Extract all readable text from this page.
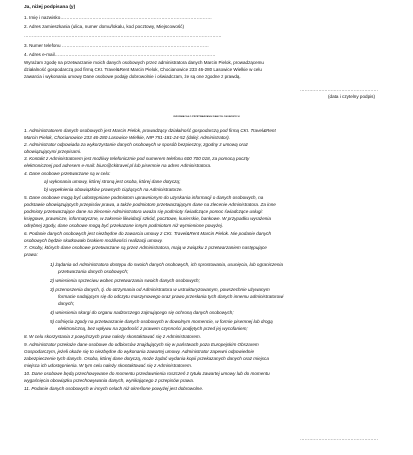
Ja, niżej podpisana (y)
1. Imię i nazwisko………………………………………………………………………………………
2. Adres zamieszkania (ulica, numer domu/lokalu, kod pocztowy, Miejscowość)
…………………………………………………………………………………………………………………
3. Numer telefonu ……………………………………………………………………………………
4. Adres e-mail……………………………………………………………………………………………
Wyrażam zgodę na przetwarzanie moich danych osobowych przez administratora danych Marcin Pielok, prowadzącemu
działalność gospodarczą pod firmą CKI. Travel&Rent Marcin Pielok, Chocianowice 233 46-280 Lasowice Wielkie w celu
zawarcia i wykonania umowy Dane osobowe podaję dobrowolnie i oświadczam, że są one zgodne z prawdą.
……………………………………………
(data i czytelny podpis)
INFORMACJA O PRZETWARZANIU DANYCH OSOBOWYCH
1. Administratorem danych osobowych jest Marcin Pielok, prowadzący działalność gospodarczą pod firmą CKI. Travel&Rent
Marcin Pielok, Chocianowice 233 46-280 Lasowice Wielkie, NIP 751-181-24-52 (dalej: Administrator).
2. Administrator odpowiada za wykorzystanie danych osobowych w sposób bezpieczny, zgodny z umową oraz
obowiązującymi przepisami.
3. Kontakt z Administratorem jest możliwy telefonicznie pod numerem telefonu 600 700 018, za pomocą poczty
elektronicznej pod adresem e-mail: biuro@ckitravel.pl lub pisemnie na adres Administratora.
4. Dane osobowe przetwarzane są w celu:
a) wykonania umowy, której stroną jest osoba, której dane dotyczą;
b) wypełnienia obowiązków prawnych ciążących na Administratorze.
5. Dane osobowe mogą być udostępniane podmiotom uprawnionym do uzyskania informacji o danych osobowych, na
podstawie obowiązujących przepisów prawa, a także podmiotom przetwarzającym dane na zlecenie Administratora. Za inne
podmioty przetwarzające dane na zlecenie Administratora uważa się podmioty świadczące pomoc świadczące usługi:
księgowe, prawnicze, informatyczne, w zakresie likwidacji szkód, pocztowe, kurierskie, bankowe. W przypadku wyrażenia
odrębnej zgody, dane osobowe mogą być przekazane innym podmiotom niż wymienione powyżej.
6. Podanie danych osobowych jest niezbędne do zawarcia umowy z CKI. Travel&Rent Marcin Pielok. Nie podanie danych
osobowych będzie skutkowało brakiem możliwości realizacji umowy.
7. Osoby, których dane osobowe przetwarzane są przez Administratora, mają w związku z przetwarzaniem następujące
prawa:
1) żądania od Administratora dostępu do swoich danych osobowych, ich sprostowania, usunięcia, lub ograniczenia
przetwarzania danych osobowych;
2) wniesienia sprzeciwu wobec przetwarzania swoich danych osobowych;
3) przenoszenia danych, tj. do otrzymania od Administratora w ustrukturyzowanym, powszechnie używanym
formacie nadającym się do odczytu maszynowego oraz prawo przesłania tych danych innemu administratorowi
danych;
4) wniesienia skargi do organu nadzorczego zajmującego się ochroną danych osobowych;
5) cofnięcia zgody na przetwarzanie danych osobowych w dowolnym momencie, w formie pisemnej lub drogą
elektroniczną, bez wpływu na zgodność z prawem czynności podjętych przed jej wycofaniem;
8. W celu skorzystania z powyższych praw należy skontaktować się z Administratorem.
9. Administrator przekaże dane osobowe do odbiorców znajdujących się w państwach poza Europejskim Obszarem
Gospodarczym, jeżeli okaże się to niezbędne do wykonania zawartej umowy. Administrator zapewni odpowiednie
zabezpieczenie tych danych. Osoba, której dane dotyczą, może żądać wydania kopii przekazanych danych oraz miejsca
miejsca ich udostępnienia. W tym celu należy skontaktować się z Administratorem.
10. Dane osobowe będą przechowywane do momentu przedawnienia roszczeń z tytułu zawartej umowy lub do momentu
wygaśnięcia obowiązku przechowywania danych, wynikającego z przepisów prawa.
11. Podanie danych osobowych w innych celach niż określone powyżej jest dobrowolne.
……………………………………………
